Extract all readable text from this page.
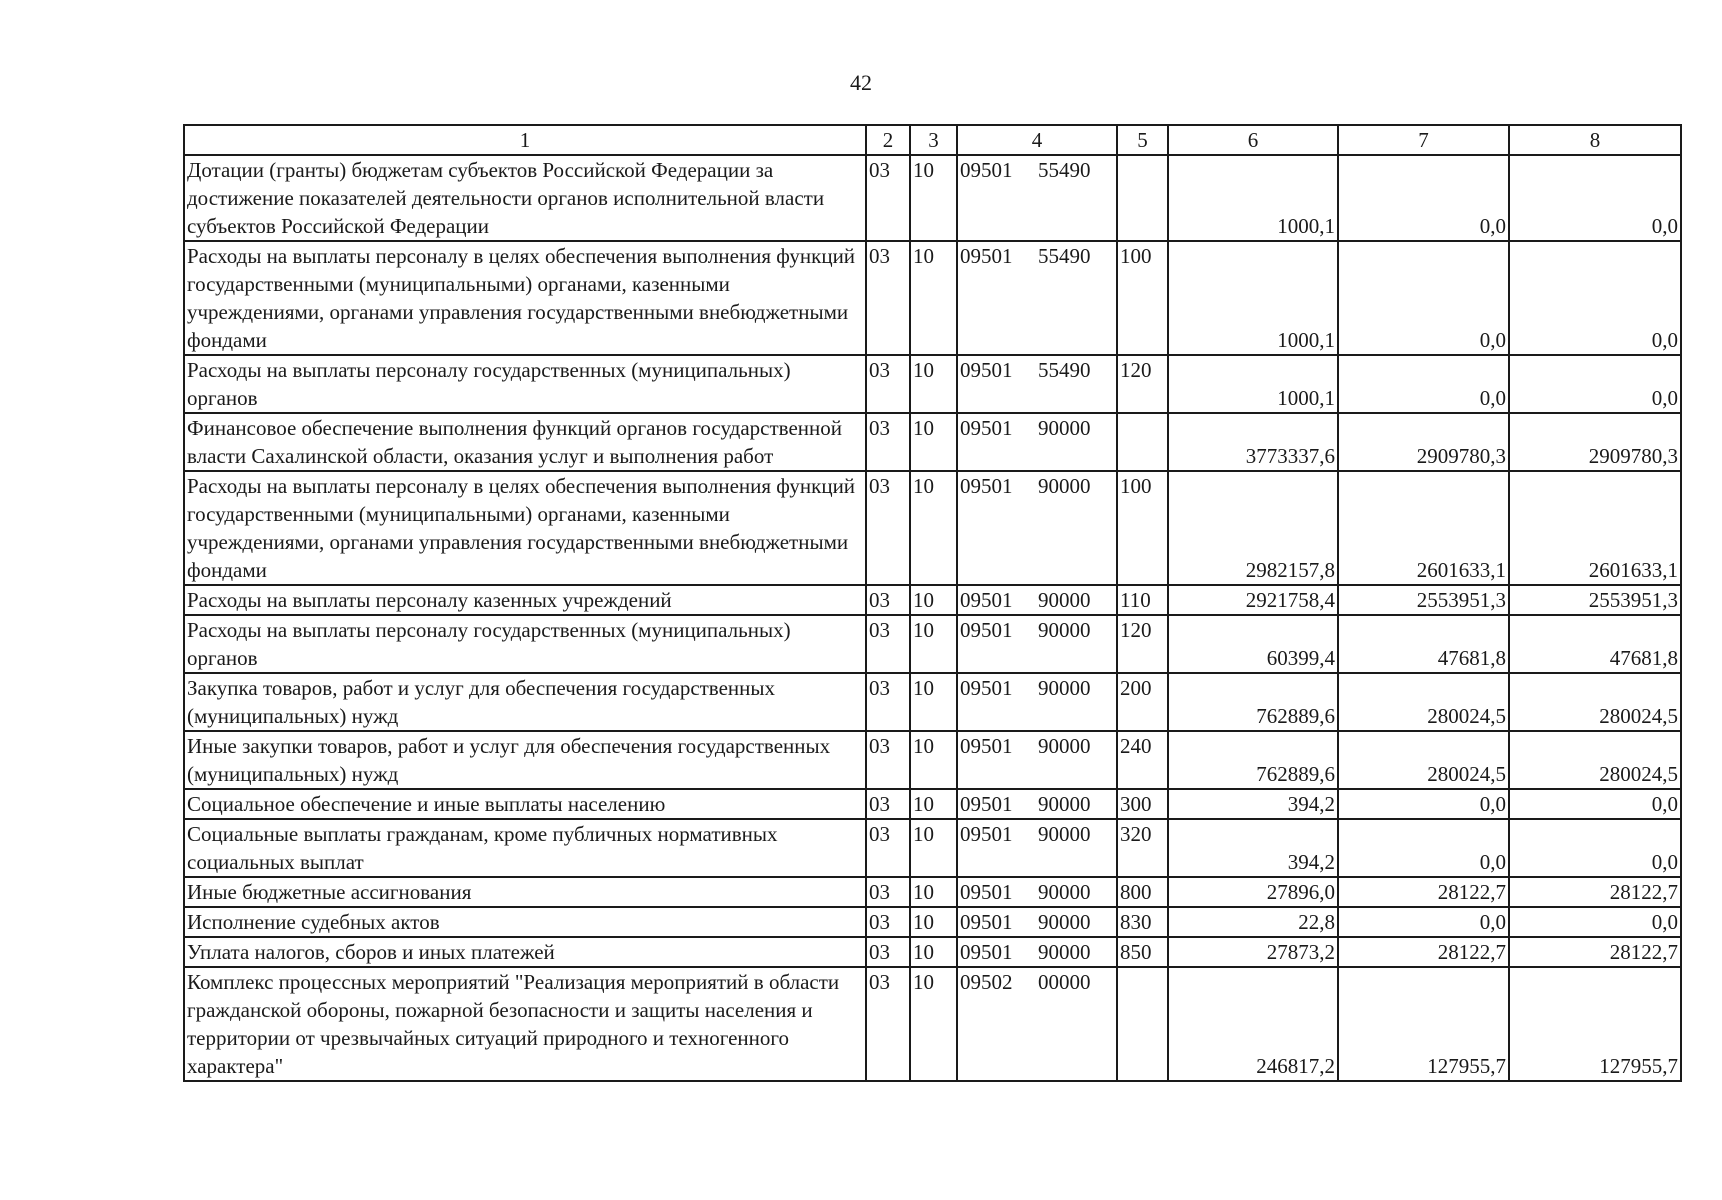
42
1	2	3	4	5	6	7	8
Дотации (гранты) бюджетам субъектов Российской Федерации за достижение показателей деятельности органов исполнительной власти субъектов Российской Федерации	03	10	09501 55490		1000,1	0,0	0,0
Расходы на выплаты персоналу в целях обеспечения выполнения функций государственными (муниципальными) органами, казенными учреждениями, органами управления государственными внебюджетными фондами	03	10	09501 55490	100	1000,1	0,0	0,0
Расходы на выплаты персоналу государственных (муниципальных) органов	03	10	09501 55490	120	1000,1	0,0	0,0
Финансовое обеспечение выполнения функций органов государственной власти Сахалинской области, оказания услуг и выполнения работ	03	10	09501 90000		3773337,6	2909780,3	2909780,3
Расходы на выплаты персоналу в целях обеспечения выполнения функций государственными (муниципальными) органами, казенными учреждениями, органами управления государственными внебюджетными фондами	03	10	09501 90000	100	2982157,8	2601633,1	2601633,1
Расходы на выплаты персоналу казенных учреждений	03	10	09501 90000	110	2921758,4	2553951,3	2553951,3
Расходы на выплаты персоналу государственных (муниципальных) органов	03	10	09501 90000	120	60399,4	47681,8	47681,8
Закупка товаров, работ и услуг для обеспечения государственных (муниципальных) нужд	03	10	09501 90000	200	762889,6	280024,5	280024,5
Иные закупки товаров, работ и услуг для обеспечения государственных (муниципальных) нужд	03	10	09501 90000	240	762889,6	280024,5	280024,5
Социальное обеспечение и иные выплаты населению	03	10	09501 90000	300	394,2	0,0	0,0
Социальные выплаты гражданам, кроме публичных нормативных социальных выплат	03	10	09501 90000	320	394,2	0,0	0,0
Иные бюджетные ассигнования	03	10	09501 90000	800	27896,0	28122,7	28122,7
Исполнение судебных актов	03	10	09501 90000	830	22,8	0,0	0,0
Уплата налогов, сборов и иных платежей	03	10	09501 90000	850	27873,2	28122,7	28122,7
Комплекс процессных мероприятий "Реализация мероприятий в области гражданской обороны, пожарной безопасности и защиты населения и территории от чрезвычайных ситуаций природного и техногенного характера"	03	10	09502 00000		246817,2	127955,7	127955,7
